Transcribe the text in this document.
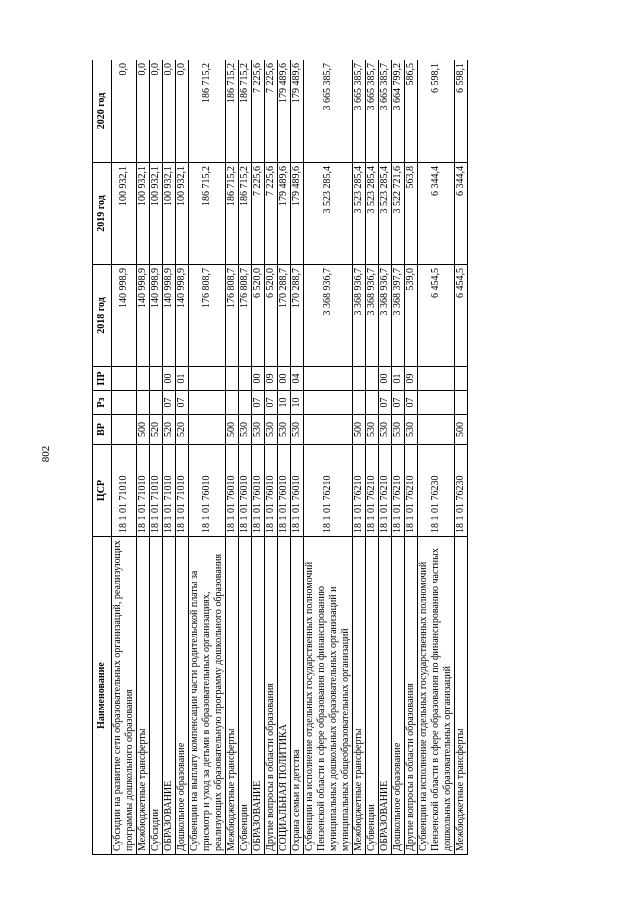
802
Наименование	ЦСР	ВР	Рз	ПР	2018 год	2019 год	2020 год
Субсидии на развитие сети образовательных организаций, реализующих программы дошкольного образования	18 1 01 71010				140 998,9	100 932,1	0,0
Межбюджетные трансферты	18 1 01 71010	500			140 998,9	100 932,1	0,0
Субсидии	18 1 01 71010	520			140 998,9	100 932,1	0,0
ОБРАЗОВАНИЕ	18 1 01 71010	520	07	00	140 998,9	100 932,1	0,0
Дошкольное образование	18 1 01 71010	520	07	01	140 998,9	100 932,1	0,0
Субвенции на выплату компенсации части родительской платы за присмотр и уход за детьми в образовательных организациях, реализующих образовательную программу дошкольного образования	18 1 01 76010				176 808,7	186 715,2	186 715,2
Межбюджетные трансферты	18 1 01 76010	500			176 808,7	186 715,2	186 715,2
Субвенции	18 1 01 76010	530			176 808,7	186 715,2	186 715,2
ОБРАЗОВАНИЕ	18 1 01 76010	530	07	00	6 520,0	7 225,6	7 225,6
Другие вопросы в области образования	18 1 01 76010	530	07	09	6 520,0	7 225,6	7 225,6
СОЦИАЛЬНАЯ ПОЛИТИКА	18 1 01 76010	530	10	00	170 288,7	179 489,6	179 489,6
Охрана семьи и детства	18 1 01 76010	530	10	04	170 288,7	179 489,6	179 489,6
Субвенции на исполнение отдельных государственных полномочий Пензенской области в сфере образования по финансированию муниципальных дошкольных образовательных организаций и муниципальных общеобразовательных организаций	18 1 01 76210				3 368 936,7	3 523 285,4	3 665 385,7
Межбюджетные трансферты	18 1 01 76210	500			3 368 936,7	3 523 285,4	3 665 385,7
Субвенции	18 1 01 76210	530			3 368 936,7	3 523 285,4	3 665 385,7
ОБРАЗОВАНИЕ	18 1 01 76210	530	07	00	3 368 936,7	3 523 285,4	3 665 385,7
Дошкольное образование	18 1 01 76210	530	07	01	3 368 397,7	3 522 721,6	3 664 799,2
Другие вопросы в области образования	18 1 01 76210	530	07	09	539,0	563,8	586,5
Субвенции на исполнение отдельных государственных полномочий Пензенской области в сфере образования по финансированию частных дошкольных образовательных организаций	18 1 01 76230				6 454,5	6 344,4	6 598,1
Межбюджетные трансферты	18 1 01 76230	500			6 454,5	6 344,4	6 598,1
